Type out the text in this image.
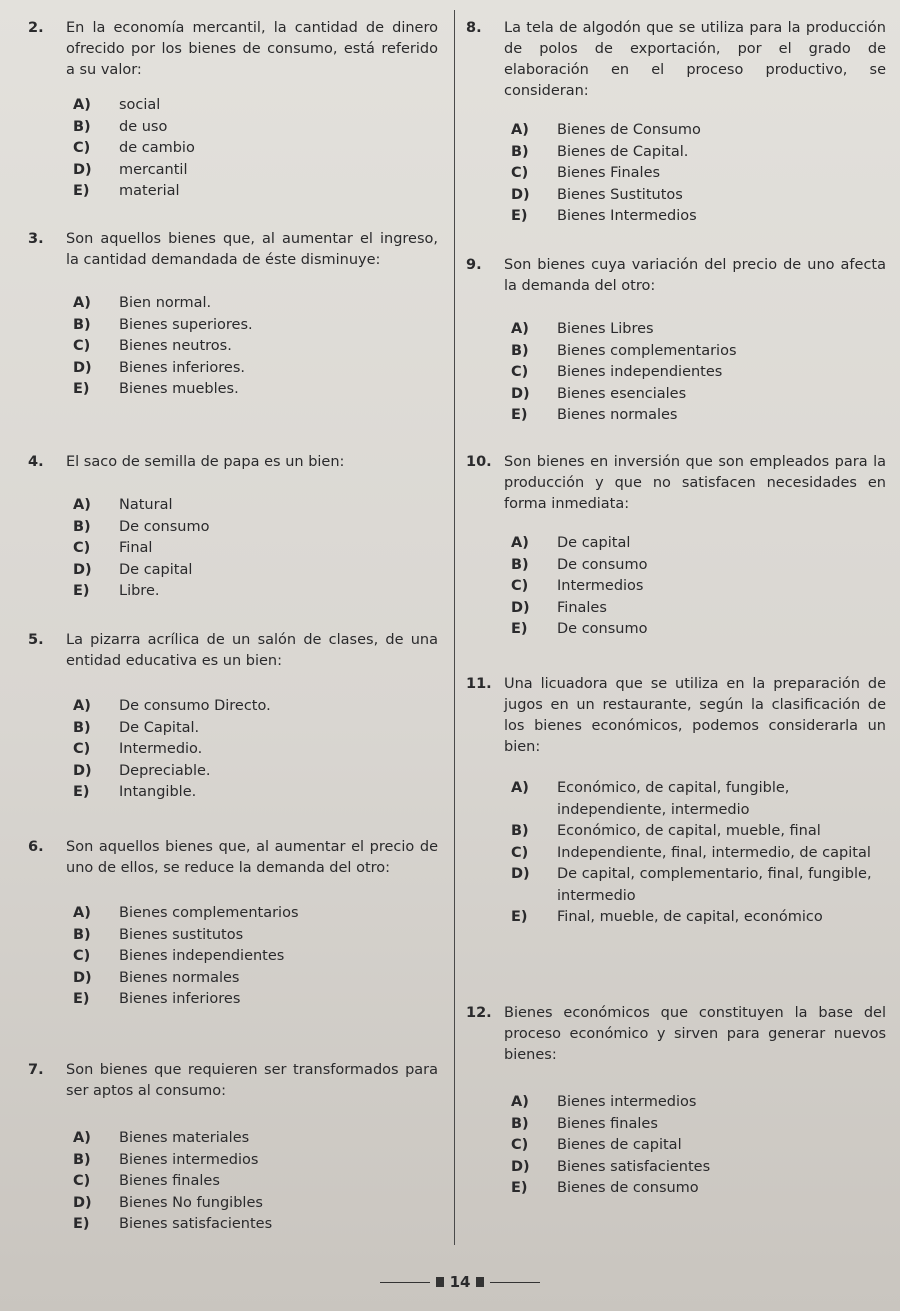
2.	En la economía mercantil, la cantidad de dinero ofrecido por los bienes de consumo, está referido a su valor:
A)	social
B)	de uso
C)	de cambio
D)	mercantil
E)	material
3.	Son aquellos bienes que, al aumentar el ingreso, la cantidad demandada de éste disminuye:
A)	Bien normal.
B)	Bienes superiores.
C)	Bienes neutros.
D)	Bienes inferiores.
E)	Bienes muebles.
4.	El saco de semilla de papa es un bien:
A)	Natural
B)	De consumo
C)	Final
D)	De capital
E)	Libre.
5.	La pizarra acrílica de un salón de clases, de una entidad educativa es un bien:
A)	De consumo Directo.
B)	De Capital.
C)	Intermedio.
D)	Depreciable.
E)	Intangible.
6.	Son aquellos bienes que, al aumentar el precio de uno de ellos, se reduce la demanda del otro:
A)	Bienes complementarios
B)	Bienes sustitutos
C)	Bienes independientes
D)	Bienes normales
E)	Bienes inferiores
7.	Son bienes que requieren ser transformados para ser aptos al consumo:
A)	Bienes materiales
B)	Bienes intermedios
C)	Bienes finales
D)	Bienes No fungibles
E)	Bienes satisfacientes
8.	La tela de algodón que se utiliza para la producción de polos de exportación, por el grado de elaboración en el proceso productivo, se consideran:
A)	Bienes de Consumo
B)	Bienes de Capital.
C)	Bienes Finales
D)	Bienes Sustitutos
E)	Bienes Intermedios
9.	Son bienes cuya variación del precio de uno afecta la demanda del otro:
A)	Bienes Libres
B)	Bienes complementarios
C)	Bienes independientes
D)	Bienes esenciales
E)	Bienes normales
10. Son bienes en inversión que son empleados para la producción y que no satisfacen necesidades en forma inmediata:
A)	De capital
B)	De consumo
C)	Intermedios
D)	Finales
E)	De consumo
11. Una licuadora que se utiliza en la preparación de jugos en un restaurante, según la clasificación de los bienes económicos, podemos considerarla un bien:
A)	Económico, de capital, fungible, independiente, intermedio
B)	Económico, de capital, mueble, final
C)	Independiente, final, intermedio, de capital
D)	De capital, complementario, final, fungible, intermedio
E)	Final, mueble, de capital, económico
12. Bienes económicos que constituyen la base del proceso económico y sirven para generar nuevos bienes:
A)	Bienes intermedios
B)	Bienes finales
C)	Bienes de capital
D)	Bienes satisfacientes
E)	Bienes de consumo
14
